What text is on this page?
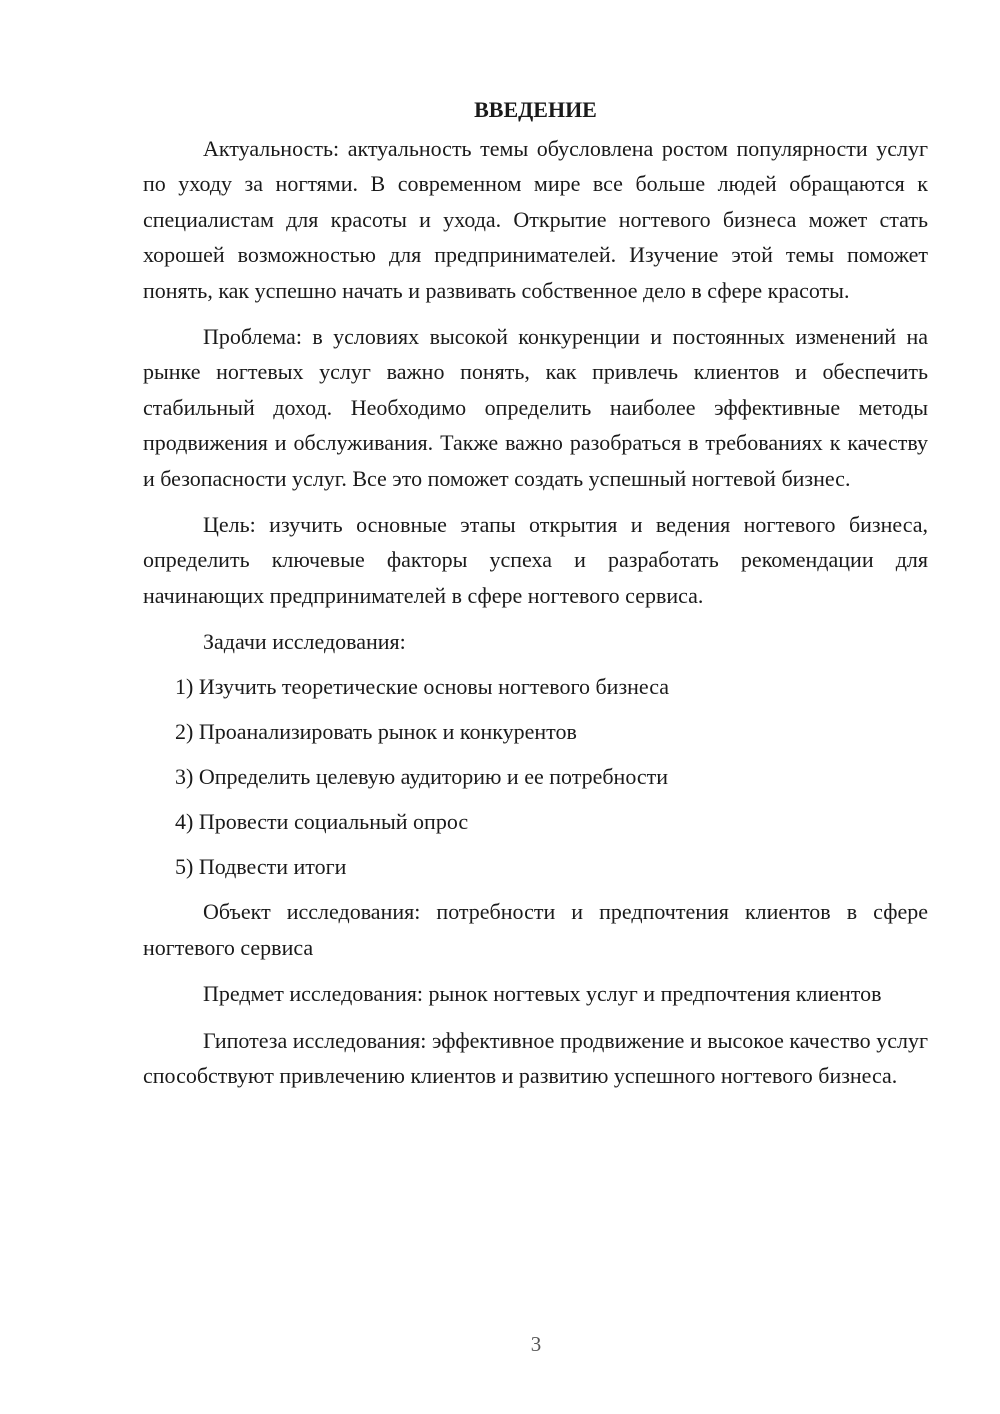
ВВЕДЕНИЕ

Актуальность: актуальность темы обусловлена ростом популярности услуг по уходу за ногтями. В современном мире все больше людей обращаются к специалистам для красоты и ухода. Открытие ногтевого бизнеса может стать хорошей возможностью для предпринимателей. Изучение этой темы поможет понять, как успешно начать и развивать собственное дело в сфере красоты.

Проблема: в условиях высокой конкуренции и постоянных изменений на рынке ногтевых услуг важно понять, как привлечь клиентов и обеспечить стабильный доход. Необходимо определить наиболее эффективные методы продвижения и обслуживания. Также важно разобраться в требованиях к качеству и безопасности услуг. Все это поможет создать успешный ногтевой бизнес.

Цель: изучить основные этапы открытия и ведения ногтевого бизнеса, определить ключевые факторы успеха и разработать рекомендации для начинающих предпринимателей в сфере ногтевого сервиса.

Задачи исследования:

1) Изучить теоретические основы ногтевого бизнеса
2) Проанализировать рынок и конкурентов
3) Определить целевую аудиторию и ее потребности
4) Провести социальный опрос
5) Подвести итоги

Объект исследования: потребности и предпочтения клиентов в сфере ногтевого сервиса

Предмет исследования: рынок ногтевых услуг и предпочтения клиентов

Гипотеза исследования: эффективное продвижение и высокое качество услуг способствуют привлечению клиентов и развитию успешного ногтевого бизнеса.

3
